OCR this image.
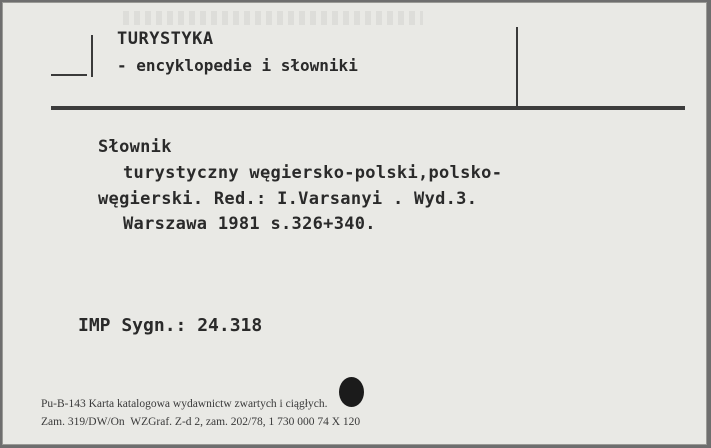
TURYSTYKA
- encyklopedie i słowniki
Słownik
turystyczny węgiersko-polski,polsko-
węgierski. Red.: I.Varsanyi . Wyd.3.
Warszawa 1981 s.326+340.
IMP Sygn.: 24.318
Pu-B-143 Karta katalogowa wydawnictw zwartych i ciągłych.
Zam. 319/DW/On  WZGraf. Z-d 2, zam. 202/78, 1 730 000 74 X 120
